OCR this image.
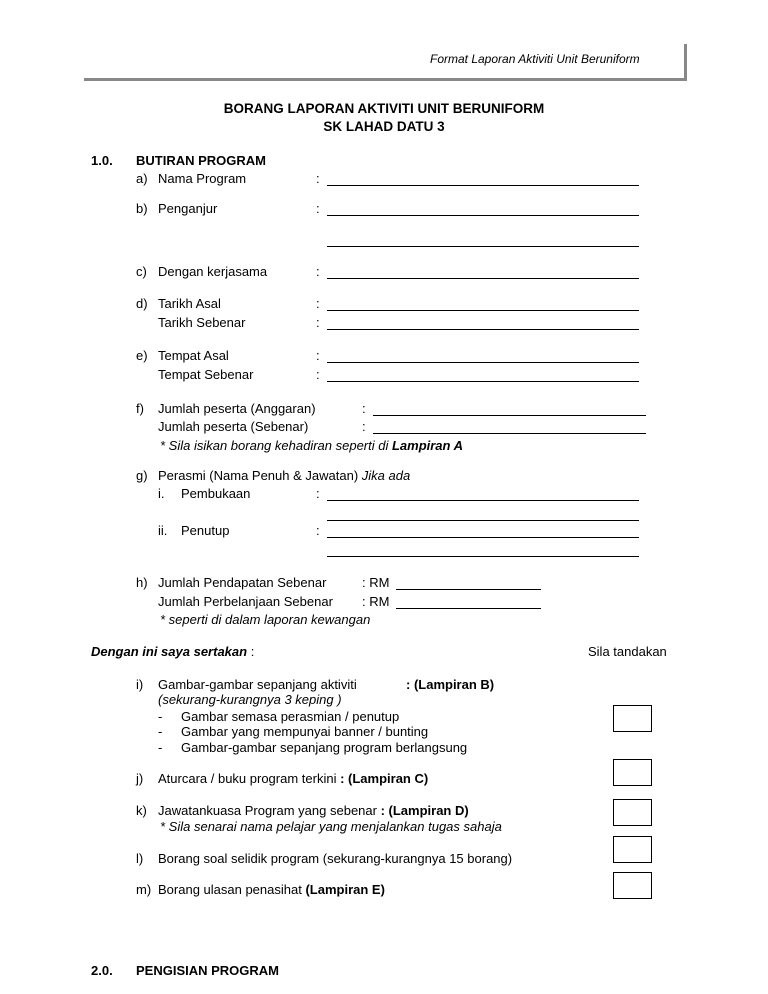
Format Laporan Aktiviti Unit Beruniform
BORANG LAPORAN AKTIVITI UNIT BERUNIFORM
SK LAHAD DATU 3
1.0. BUTIRAN PROGRAM
a) Nama Program	:
b) Penganjur	:
c) Dengan kerjasama	:
d) Tarikh Asal	:
Tarikh Sebenar	:
e) Tempat Asal	:
Tempat Sebenar	:
f) Jumlah peserta (Anggaran)	:
Jumlah peserta (Sebenar)	:
* Sila isikan borang kehadiran seperti di Lampiran A
g) Perasmi (Nama Penuh & Jawatan) Jika ada
i. Pembukaan	:
ii. Penutup	:
h) Jumlah Pendapatan Sebenar	: RM
Jumlah Perbelanjaan Sebenar : RM
* seperti di dalam laporan kewangan
Dengan ini saya sertakan :	Sila tandakan
i) Gambar-gambar sepanjang aktiviti	: (Lampiran B)
(sekurang-kurangnya 3 keping )
- Gambar semasa perasmian / penutup
- Gambar yang mempunyai banner / bunting
- Gambar-gambar sepanjang program berlangsung
j) Aturcara / buku program terkini : (Lampiran C)
k) Jawatankuasa Program yang sebenar : (Lampiran D)
* Sila senarai nama pelajar yang menjalankan tugas sahaja
l) Borang soal selidik program (sekurang-kurangnya 15 borang)
m) Borang ulasan penasihat (Lampiran E)
2.0. PENGISIAN PROGRAM
